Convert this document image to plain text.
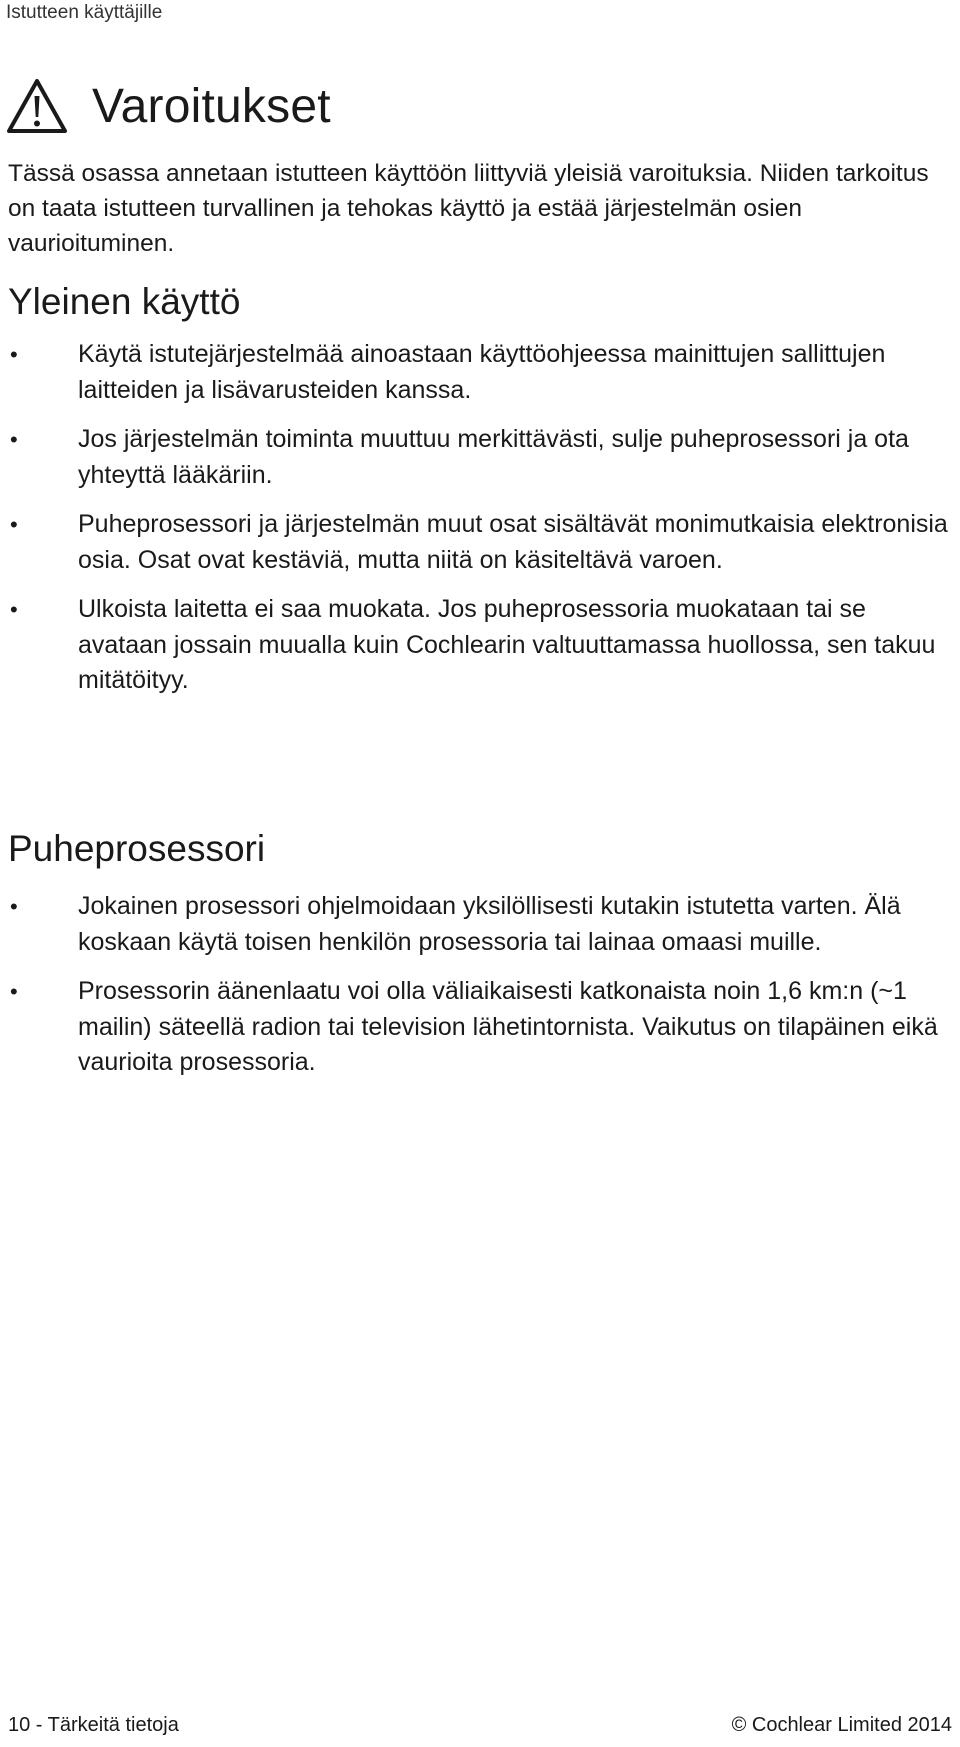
Istutteen käyttäjille
Varoitukset

Tässä osassa annetaan istutteen käyttöön liittyviä yleisiä varoituksia. Niiden tarkoitus on taata istutteen turvallinen ja tehokas käyttö ja estää järjestelmän osien vaurioituminen.

Yleinen käyttö
•	Käytä istutejärjestelmää ainoastaan käyttöohjeessa mainittujen sallittujen laitteiden ja lisävarusteiden kanssa.
•	Jos järjestelmän toiminta muuttuu merkittävästi, sulje puheprosessori ja ota yhteyttä lääkäriin.
•	Puheprosessori ja järjestelmän muut osat sisältävät monimutkaisia elektronisia osia. Osat ovat kestäviä, mutta niitä on käsiteltävä varoen.
•	Ulkoista laitetta ei saa muokata. Jos puheprosessoria muokataan tai se avataan jossain muualla kuin Cochlearin valtuuttamassa huollossa, sen takuu mitätöityy.
Puheprosessori
•	Jokainen prosessori ohjelmoidaan yksilöllisesti kutakin istutetta varten. Älä koskaan käytä toisen henkilön prosessoria tai lainaa omaasi muille.
•	Prosessorin äänenlaatu voi olla väliaikaisesti katkonaista noin 1,6 km:n (~1 mailin) säteellä radion tai television lähetintornista. Vaikutus on tilapäinen eikä vaurioita prosessoria.
10 - Tärkeitä tietoja	© Cochlear Limited 2014
